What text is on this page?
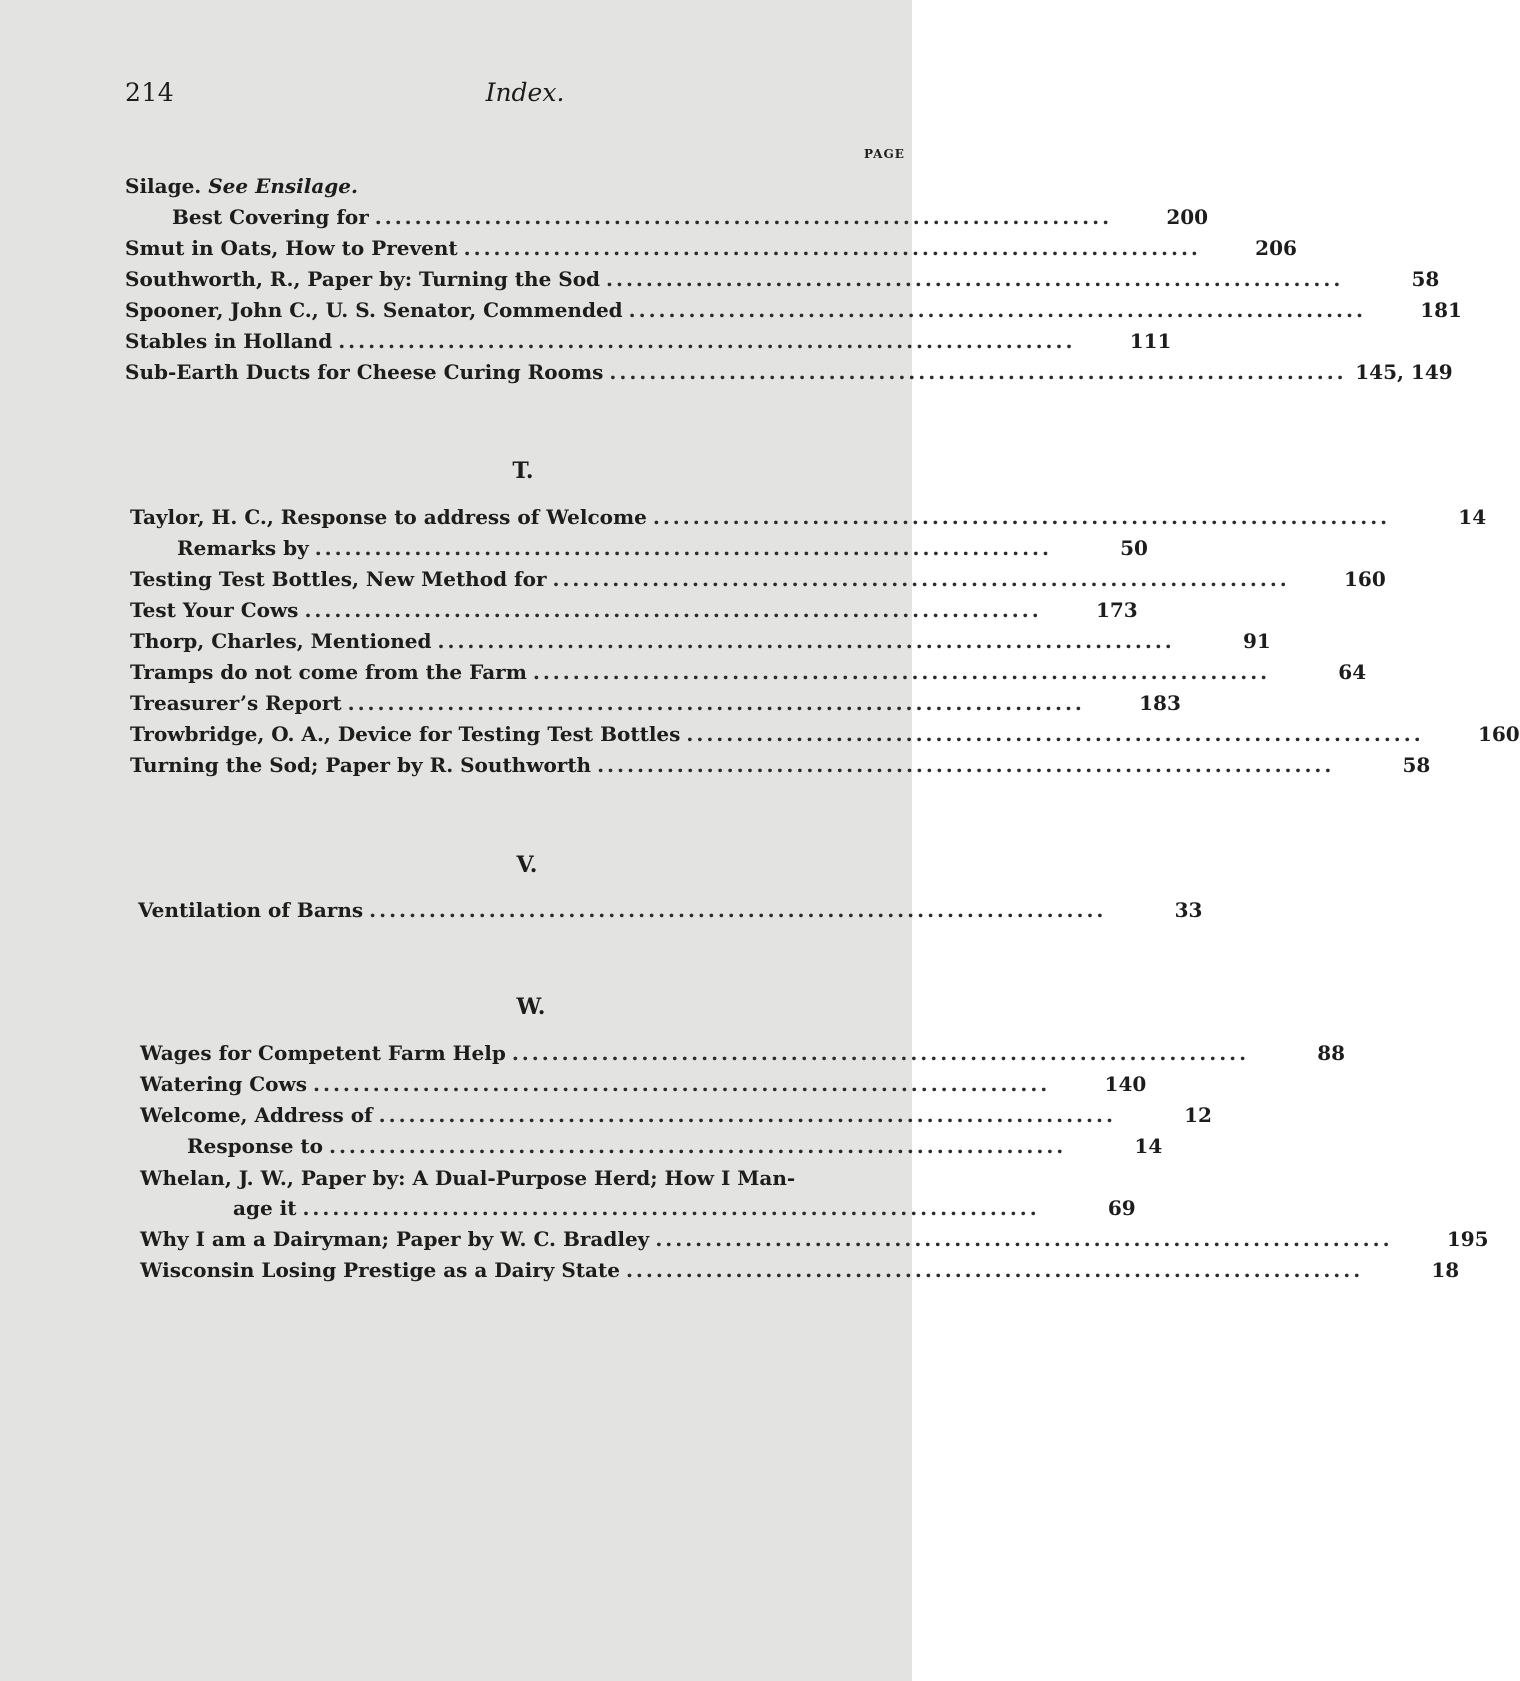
214	Index.
PAGE
Silage. See Ensilage.
Best Covering for ..........................................................................	200
Smut in Oats, How to Prevent ..........................................................................	206
Southworth, R., Paper by: Turning the Sod ..........................................................................	58
Spooner, John C., U. S. Senator, Commended ..........................................................................	181
Stables in Holland ..........................................................................	111
Sub-Earth Ducts for Cheese Curing Rooms .......................................................................... 145, 149
T.
Taylor, H. C., Response to address of Welcome ..........................................................................	14
Remarks by ..........................................................................	50
Testing Test Bottles, New Method for ..........................................................................	160
Test Your Cows ..........................................................................	173
Thorp, Charles, Mentioned ..........................................................................	91
Tramps do not come from the Farm ..........................................................................	64
Treasurer’s Report ..........................................................................	183
Trowbridge, O. A., Device for Testing Test Bottles ..........................................................................	160
Turning the Sod; Paper by R. Southworth ..........................................................................	58
V.
Ventilation of Barns ..........................................................................	33
W.
Wages for Competent Farm Help ..........................................................................	88
Watering Cows ..........................................................................	140
Welcome, Address of ..........................................................................	12
Response to ..........................................................................	14
Whelan, J. W., Paper by: A Dual-Purpose Herd; How I Man-
age it ..........................................................................	69
Why I am a Dairyman; Paper by W. C. Bradley ..........................................................................	195
Wisconsin Losing Prestige as a Dairy State ..........................................................................	18
